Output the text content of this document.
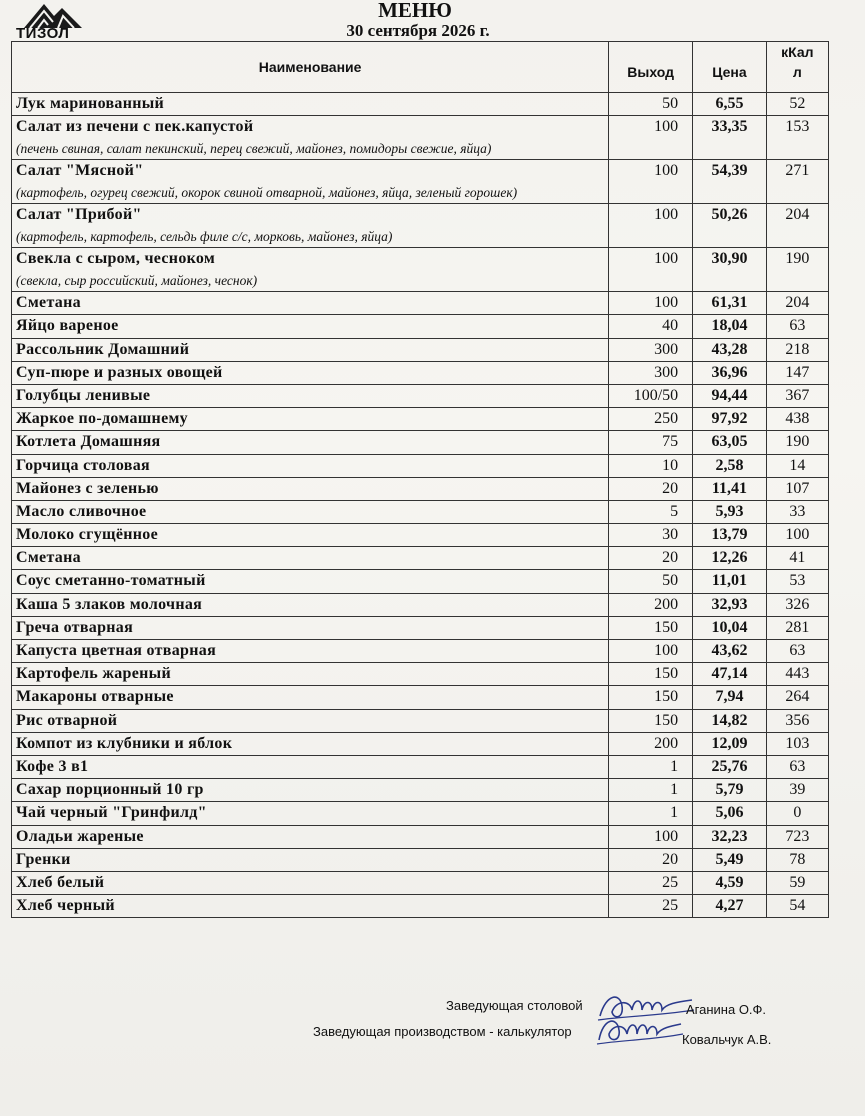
ТИЗОЛ
МЕНЮ
30 сентября 2026 г.
Наименование	Выход	Цена	кКал
л
Лук маринованный	50	6,55	52
Салат из печени с пек.капустой
(печень свиная, салат пекинский, перец свежий, майонез, помидоры свежие, яйца)	100	33,35	153
Салат "Мясной"
(картофель, огурец свежий, окорок свиной отварной, майонез, яйца, зеленый горошек)	100	54,39	271
Салат "Прибой"
(картофель, картофель, сельдь филе с/с, морковь, майонез, яйца)	100	50,26	204
Свекла с сыром, чесноком
(свекла, сыр российский, майонез, чеснок)	100	30,90	190
Сметана	100	61,31	204
Яйцо вареное	40	18,04	63
Рассольник Домашний	300	43,28	218
Суп-пюре и разных овощей	300	36,96	147
Голубцы ленивые	100/50	94,44	367
Жаркое по-домашнему	250	97,92	438
Котлета Домашняя	75	63,05	190
Горчица столовая	10	2,58	14
Майонез с зеленью	20	11,41	107
Масло сливочное	5	5,93	33
Молоко сгущённое	30	13,79	100
Сметана	20	12,26	41
Соус сметанно-томатный	50	11,01	53
Каша 5 злаков молочная	200	32,93	326
Греча отварная	150	10,04	281
Капуста цветная отварная	100	43,62	63
Картофель жареный	150	47,14	443
Макароны отварные	150	7,94	264
Рис отварной	150	14,82	356
Компот из клубники и яблок	200	12,09	103
Кофе 3 в1	1	25,76	63
Сахар порционный 10 гр	1	5,79	39
Чай черный "Гринфилд"	1	5,06	0
Оладьи жареные	100	32,23	723
Гренки	20	5,49	78
Хлеб белый	25	4,59	59
Хлеб черный	25	4,27	54
Заведующая столовой	Аганина О.Ф.
Заведующая производством - калькулятор
Ковальчук А.В.
